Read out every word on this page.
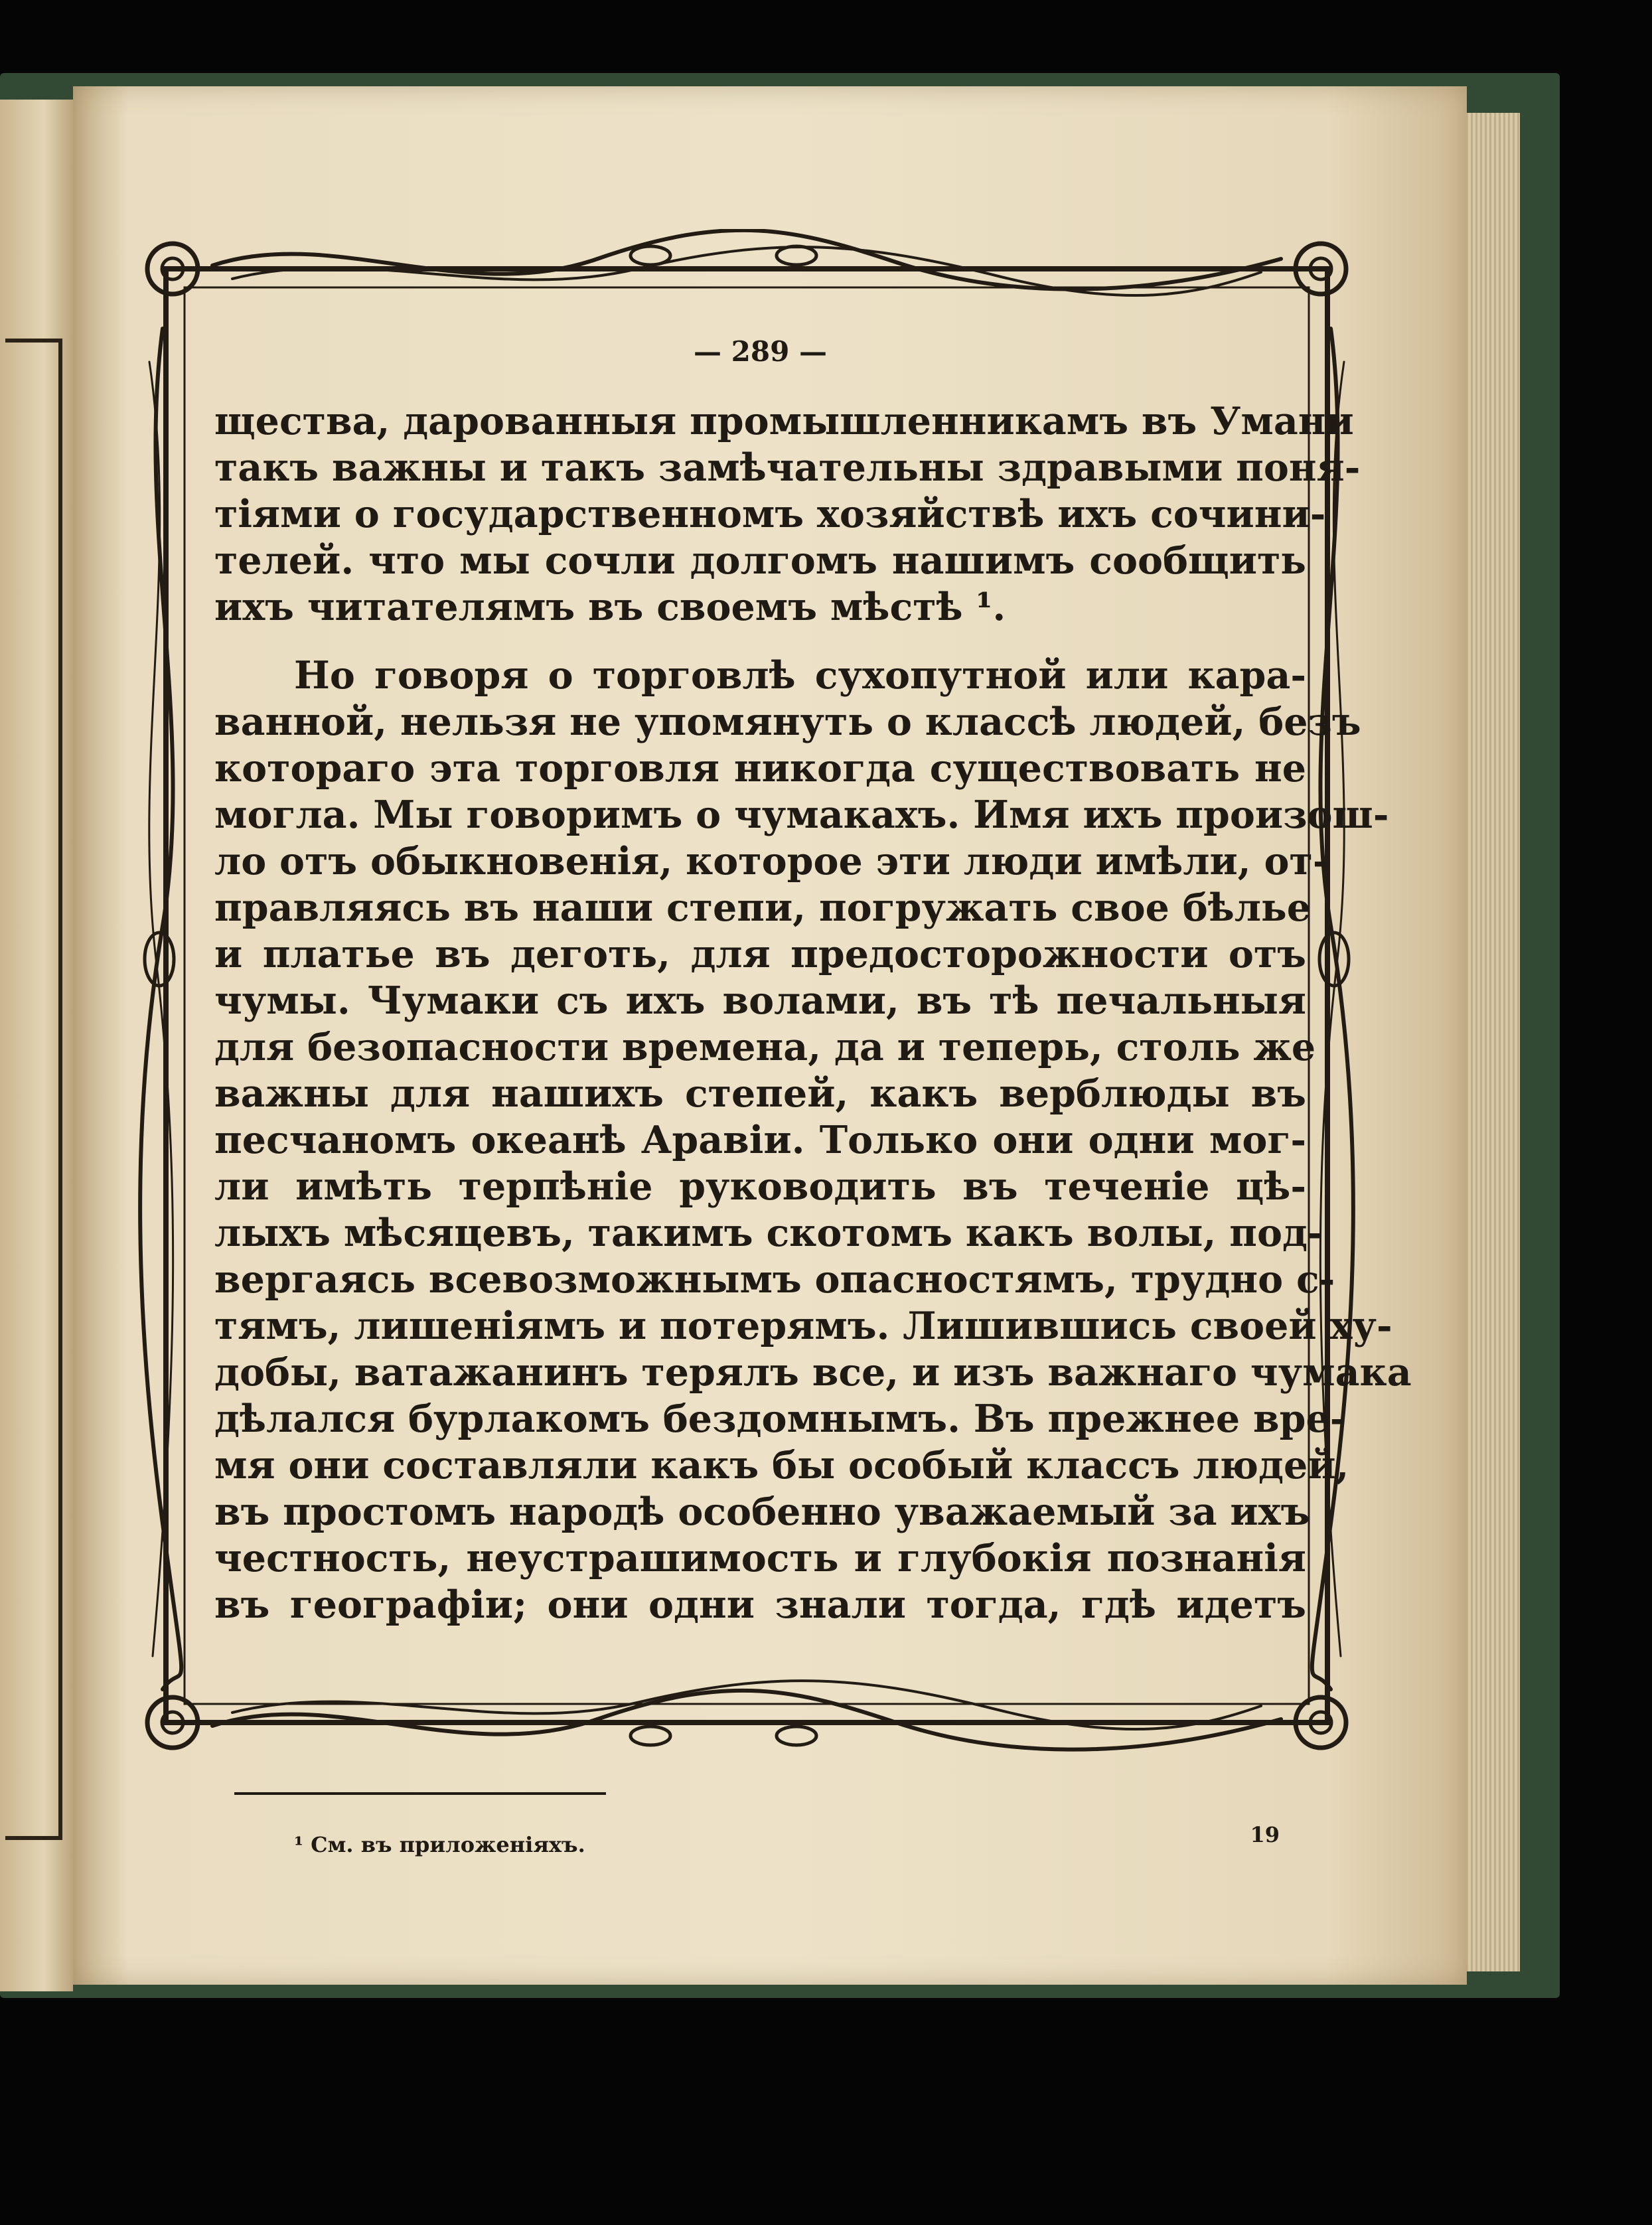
— 289 —
щества, дарованныя промышленникамъ въ Умани
такъ важны и такъ замѣчательны здравыми поня-
тіями о государственномъ хозяйствѣ ихъ сочини-
телей. что мы сочли долгомъ нашимъ сообщить
ихъ читателямъ въ своемъ мѣстѣ ¹.
Но говоря о торговлѣ сухопутной или кара-
ванной, нельзя не упомянуть о классѣ людей, безъ
котораго эта торговля никогда существовать не
могла. Мы говоримъ о чумакахъ. Имя ихъ произош-
ло отъ обыкновенія, которое эти люди имѣли, от-
правляясь въ наши степи, погружать свое бѣлье
и платье въ деготь, для предосторожности отъ
чумы. Чумаки съ ихъ волами, въ тѣ печальныя
для безопасности времена, да и теперь, столь же
важны для нашихъ степей, какъ верблюды въ
песчаномъ океанѣ Аравіи. Только они одни мог-
ли имѣть терпѣніе руководить въ теченіе цѣ-
лыхъ мѣсяцевъ, такимъ скотомъ какъ волы, под-
вергаясь всевозможнымъ опасностямъ, трудно с-
тямъ, лишеніямъ и потерямъ. Лишившись своей ху-
добы, ватажанинъ терялъ все, и изъ важнаго чумака
дѣлался бурлакомъ бездомнымъ. Въ прежнее вре-
мя они составляли какъ бы особый классъ людей,
въ простомъ народѣ особенно уважаемый за ихъ
честность, неустрашимость и глубокія познанія
въ географіи; они одни знали тогда, гдѣ идетъ
¹ См. въ приложеніяхъ.	19
